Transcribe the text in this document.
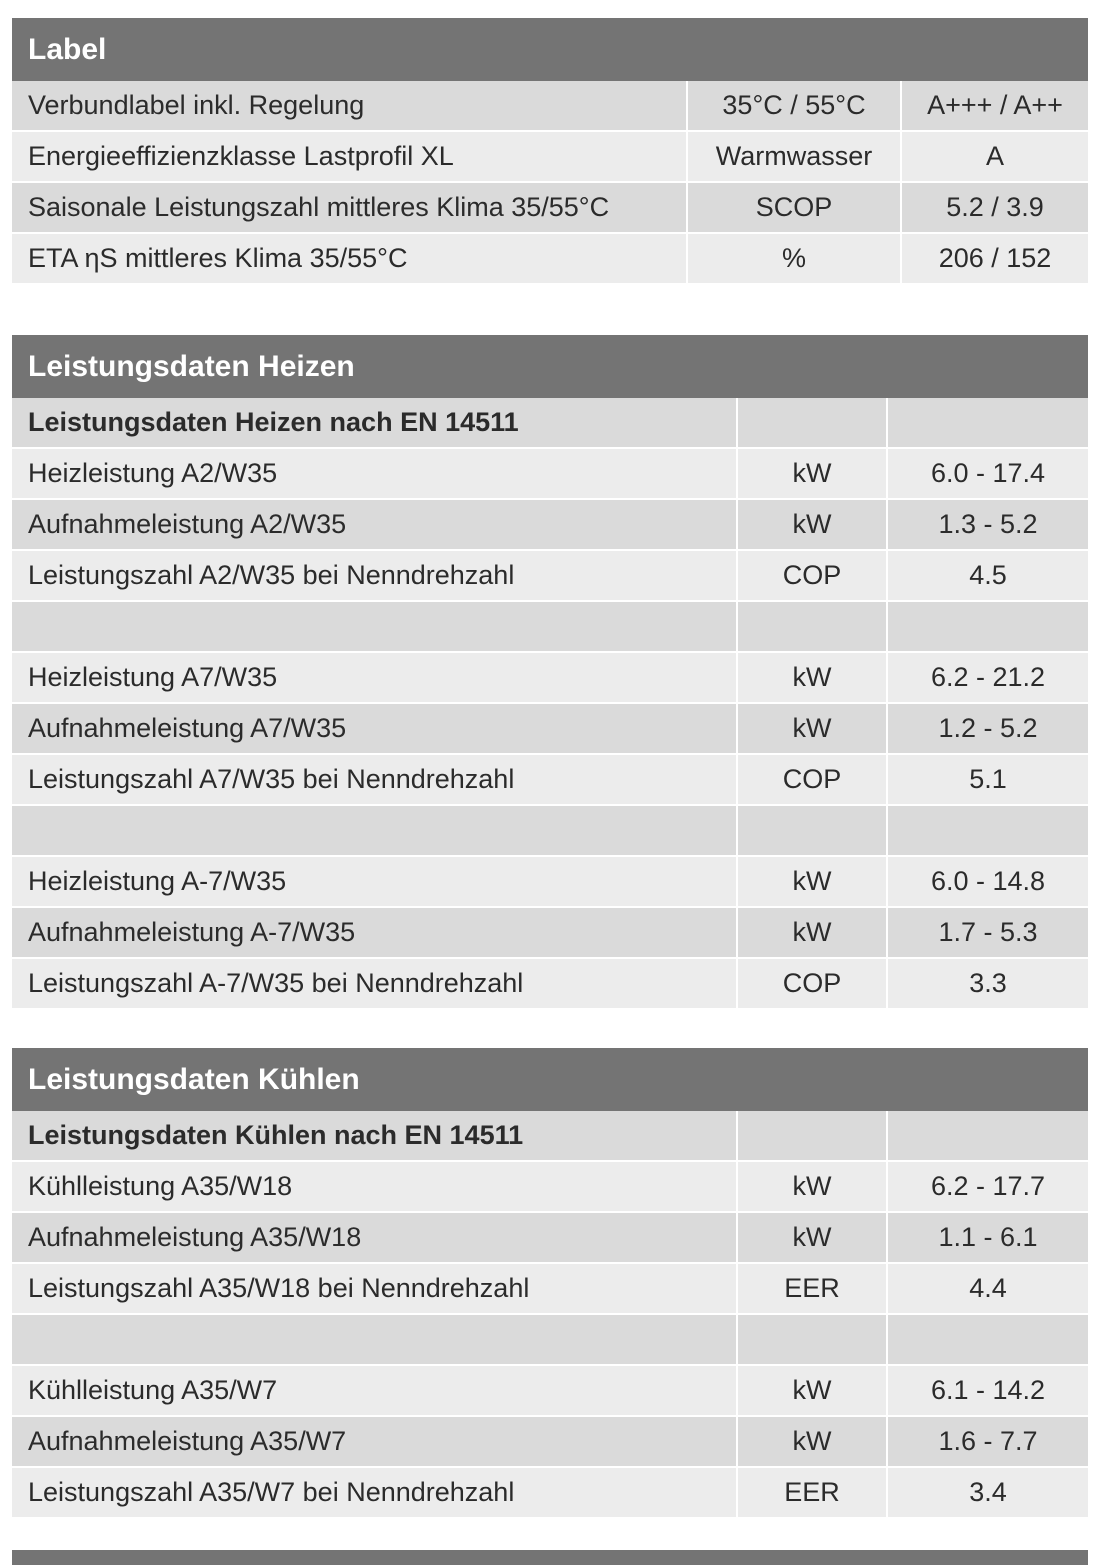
Label
Verbundlabel inkl. Regelung	35°C / 55°C	A+++ / A++
Energieeffizienzklasse Lastprofil XL	Warmwasser	A
Saisonale Leistungszahl mittleres Klima 35/55°C	SCOP	5.2 / 3.9
ETA ηS mittleres Klima 35/55°C	%	206 / 152
Leistungsdaten Heizen
Leistungsdaten Heizen nach EN 14511
Heizleistung A2/W35	kW	6.0 - 17.4
Aufnahmeleistung A2/W35	kW	1.3 - 5.2
Leistungszahl A2/W35 bei Nenndrehzahl	COP	4.5
Heizleistung A7/W35	kW	6.2 - 21.2
Aufnahmeleistung A7/W35	kW	1.2 - 5.2
Leistungszahl A7/W35 bei Nenndrehzahl	COP	5.1
Heizleistung A-7/W35	kW	6.0 - 14.8
Aufnahmeleistung A-7/W35	kW	1.7 - 5.3
Leistungszahl A-7/W35 bei Nenndrehzahl	COP	3.3
Leistungsdaten Kühlen
Leistungsdaten Kühlen nach EN 14511
Kühlleistung A35/W18	kW	6.2 - 17.7
Aufnahmeleistung A35/W18	kW	1.1 - 6.1
Leistungszahl A35/W18 bei Nenndrehzahl	EER	4.4
Kühlleistung A35/W7	kW	6.1 - 14.2
Aufnahmeleistung A35/W7	kW	1.6 - 7.7
Leistungszahl A35/W7 bei Nenndrehzahl	EER	3.4
